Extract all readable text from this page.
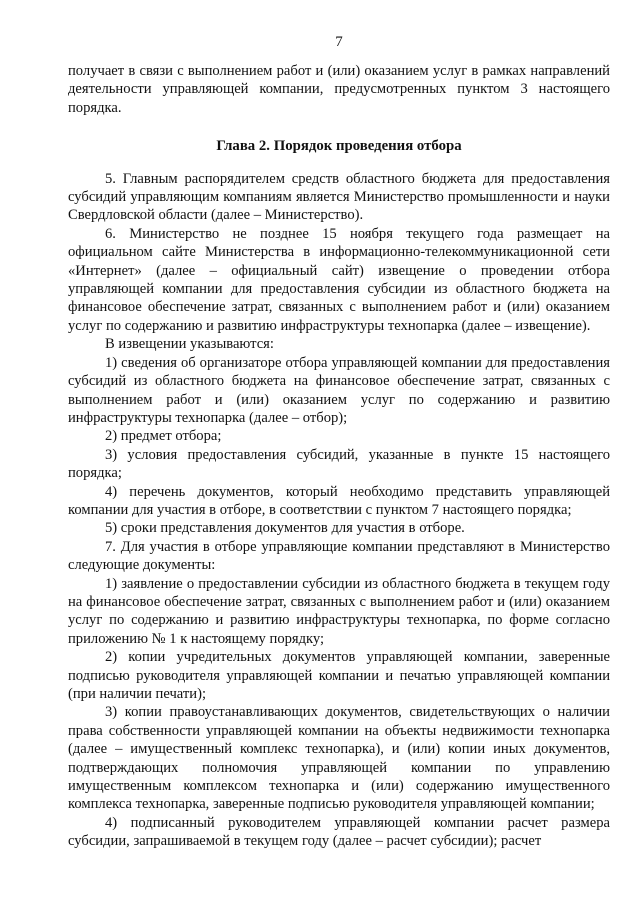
7

получает в связи с выполнением работ и (или) оказанием услуг в рамках направлений деятельности управляющей компании, предусмотренных пунктом 3 настоящего порядка.

Глава 2. Порядок проведения отбора

5. Главным распорядителем средств областного бюджета для предоставления субсидий управляющим компаниям является Министерство промышленности и науки Свердловской области (далее – Министерство).

6. Министерство не позднее 15 ноября текущего года размещает на официальном сайте Министерства в информационно-телекоммуникационной сети «Интернет» (далее – официальный сайт) извещение о проведении отбора управляющей компании для предоставления субсидии из областного бюджета на финансовое обеспечение затрат, связанных с выполнением работ и (или) оказанием услуг по содержанию и развитию инфраструктуры технопарка (далее – извещение).

В извещении указываются:

1) сведения об организаторе отбора управляющей компании для предоставления субсидий из областного бюджета на финансовое обеспечение затрат, связанных с выполнением работ и (или) оказанием услуг по содержанию и развитию инфраструктуры технопарка (далее – отбор);

2) предмет отбора;

3) условия предоставления субсидий, указанные в пункте 15 настоящего порядка;

4) перечень документов, который необходимо представить управляющей компании для участия в отборе, в соответствии с пунктом 7 настоящего порядка;

5) сроки представления документов для участия в отборе.

7. Для участия в отборе управляющие компании представляют в Министерство следующие документы:

1) заявление о предоставлении субсидии из областного бюджета в текущем году на финансовое обеспечение затрат, связанных с выполнением работ и (или) оказанием услуг по содержанию и развитию инфраструктуры технопарка, по форме согласно приложению № 1 к настоящему порядку;

2) копии учредительных документов управляющей компании, заверенные подписью руководителя управляющей компании и печатью управляющей компании (при наличии печати);

3) копии правоустанавливающих документов, свидетельствующих о наличии права собственности управляющей компании на объекты недвижимости технопарка (далее – имущественный комплекс технопарка), и (или) копии иных документов, подтверждающих полномочия управляющей компании по управлению имущественным комплексом технопарка и (или) содержанию имущественного комплекса технопарка, заверенные подписью руководителя управляющей компании;

4) подписанный руководителем управляющей компании расчет размера субсидии, запрашиваемой в текущем году (далее – расчет субсидии); расчет
